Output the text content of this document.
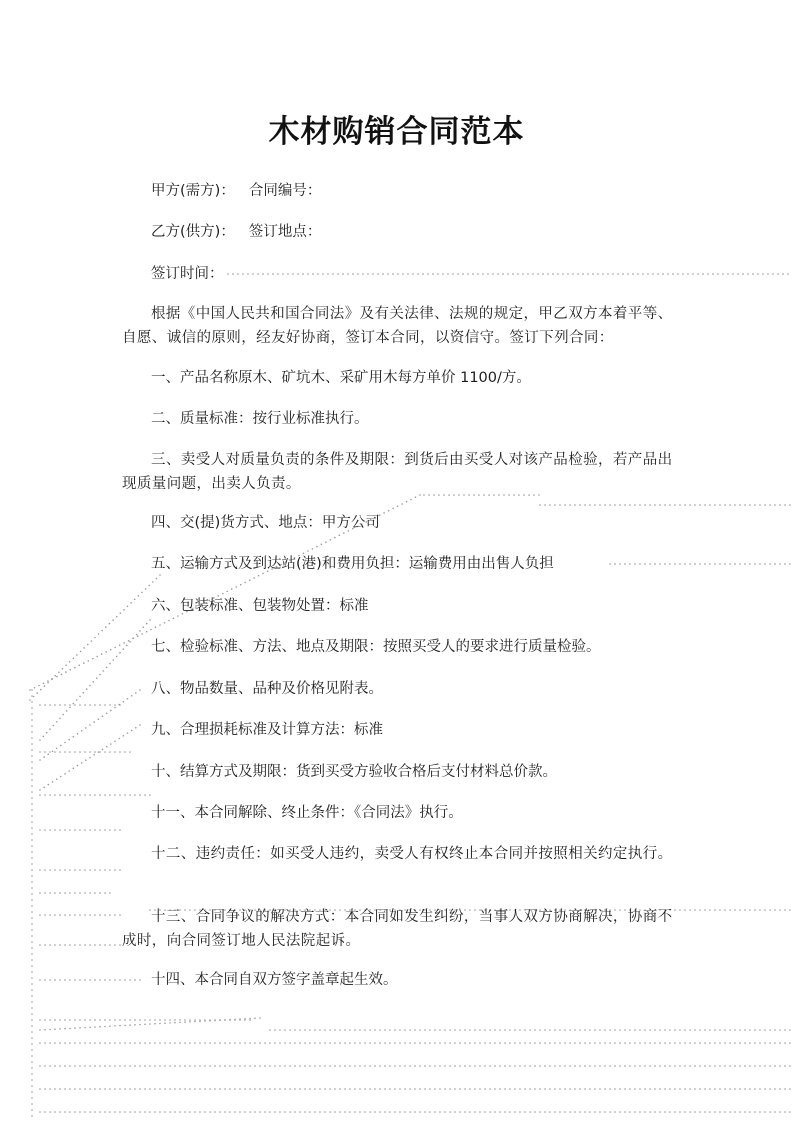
木材购销合同范本
甲方(需方)： 合同编号：
乙方(供方)： 签订地点：
签订时间：
根据《中国人民共和国合同法》及有关法律、法规的规定，甲乙双方本着平等、自愿、诚信的原则，经友好协商，签订本合同，以资信守。签订下列合同：
一、产品名称原木、矿坑木、采矿用木每方单价 1100/方。
二、质量标准：按行业标准执行。
三、卖受人对质量负责的条件及期限：到货后由买受人对该产品检验，若产品出现质量问题，出卖人负责。
四、交(提)货方式、地点：甲方公司
五、运输方式及到达站(港)和费用负担：运输费用由出售人负担
六、包装标准、包装物处置：标准
七、检验标准、方法、地点及期限：按照买受人的要求进行质量检验。
八、物品数量、品种及价格见附表。
九、合理损耗标准及计算方法：标准
十、结算方式及期限：货到买受方验收合格后支付材料总价款。
十一、本合同解除、终止条件：《合同法》执行。
十二、违约责任：如买受人违约，卖受人有权终止本合同并按照相关约定执行。
十三、合同争议的解决方式：本合同如发生纠纷，当事人双方协商解决，协商不成时，向合同签订地人民法院起诉。
十四、本合同自双方签字盖章起生效。
